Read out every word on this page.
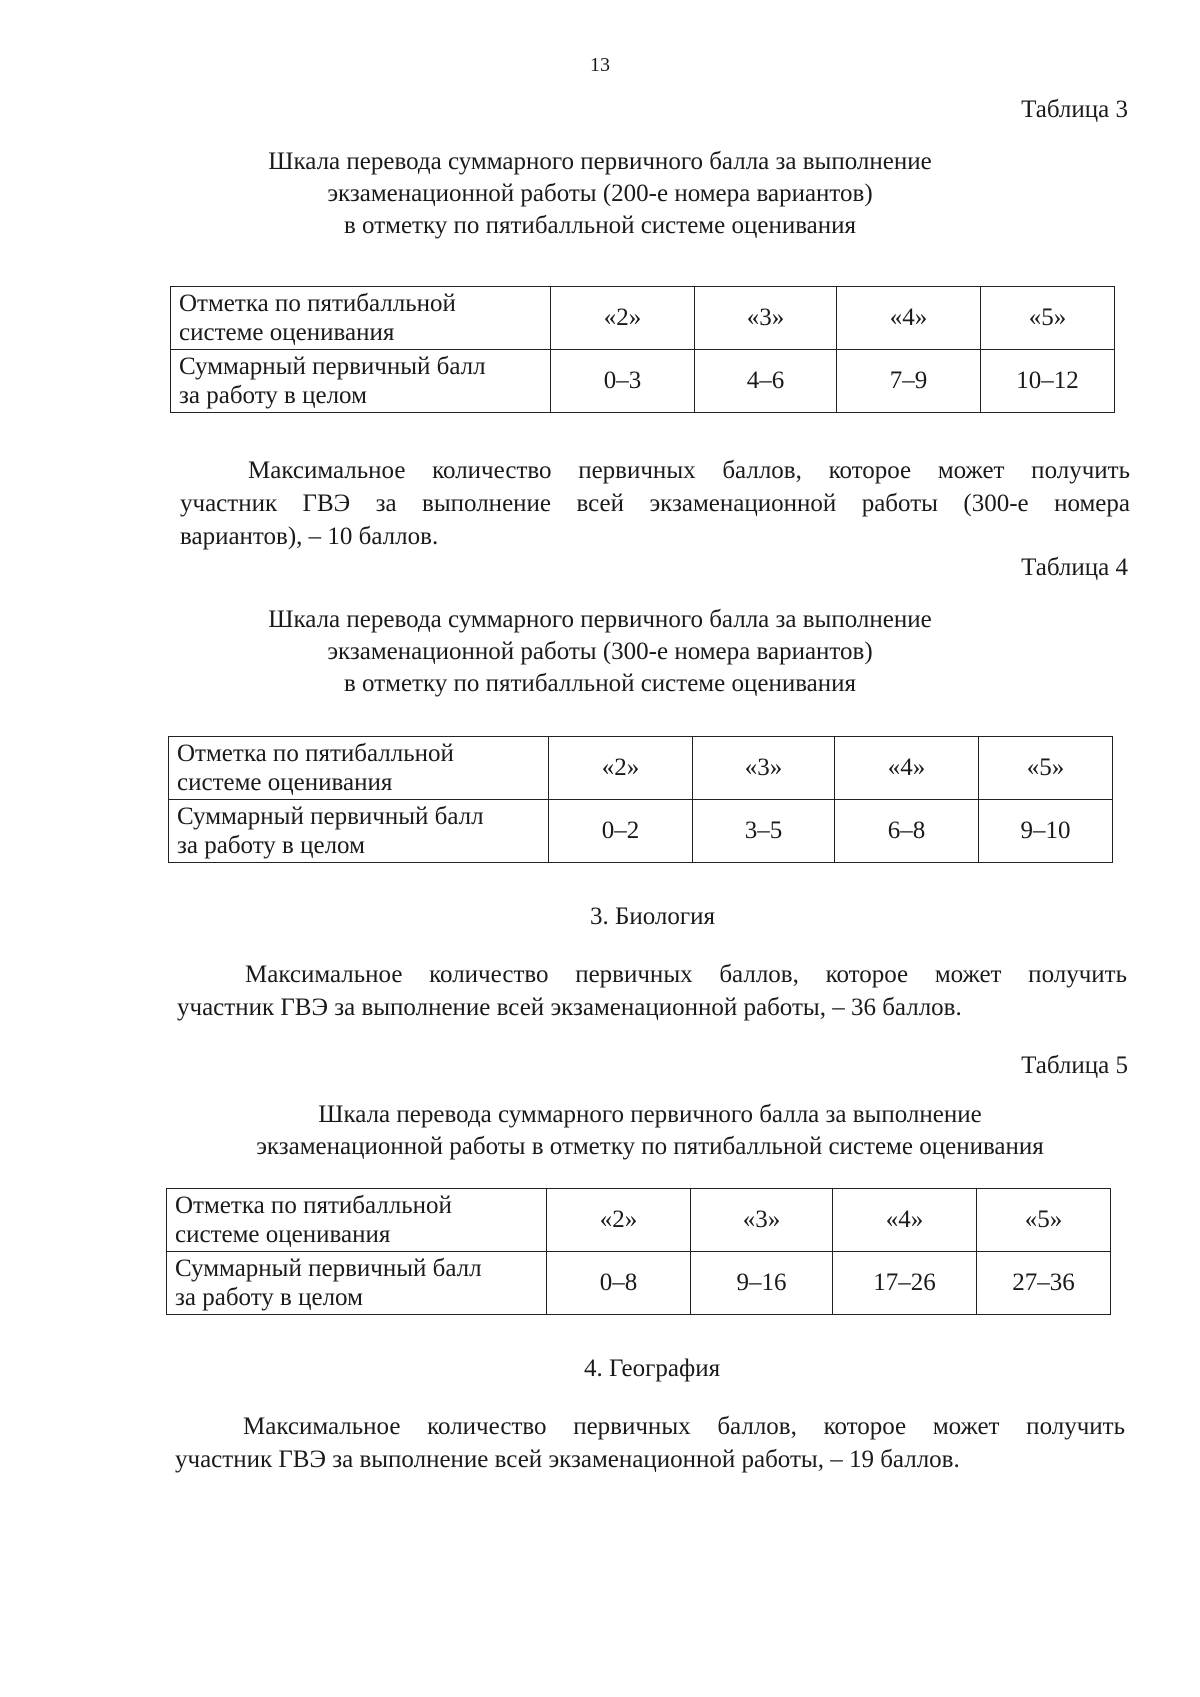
13
Таблица 3
Шкала перевода суммарного первичного балла за выполнение
экзаменационной работы (200-е номера вариантов)
в отметку по пятибалльной системе оценивания
Отметка по пятибалльной
системе оценивания	«2»	«3»	«4»	«5»

Суммарный первичный балл
за работу в целом	0–3	4–6	7–9	10–12
Максимальное количество первичных баллов, которое может получить
участник ГВЭ за выполнение всей экзаменационной работы (300-е номера
вариантов), – 10 баллов.
Таблица 4
Шкала перевода суммарного первичного балла за выполнение
экзаменационной работы (300-е номера вариантов)
в отметку по пятибалльной системе оценивания
Отметка по пятибалльной
системе оценивания	«2»	«3»	«4»	«5»

Суммарный первичный балл
за работу в целом	0–2	3–5	6–8	9–10
3. Биология
Максимальное количество первичных баллов, которое может получить
участник ГВЭ за выполнение всей экзаменационной работы, – 36 баллов.
Таблица 5
Шкала перевода суммарного первичного балла за выполнение
экзаменационной работы в отметку по пятибалльной системе оценивания
Отметка по пятибалльной
системе оценивания	«2»	«3»	«4»	«5»

Суммарный первичный балл
за работу в целом	0–8	9–16	17–26	27–36
4. География
Максимальное количество первичных баллов, которое может получить
участник ГВЭ за выполнение всей экзаменационной работы, – 19 баллов.
